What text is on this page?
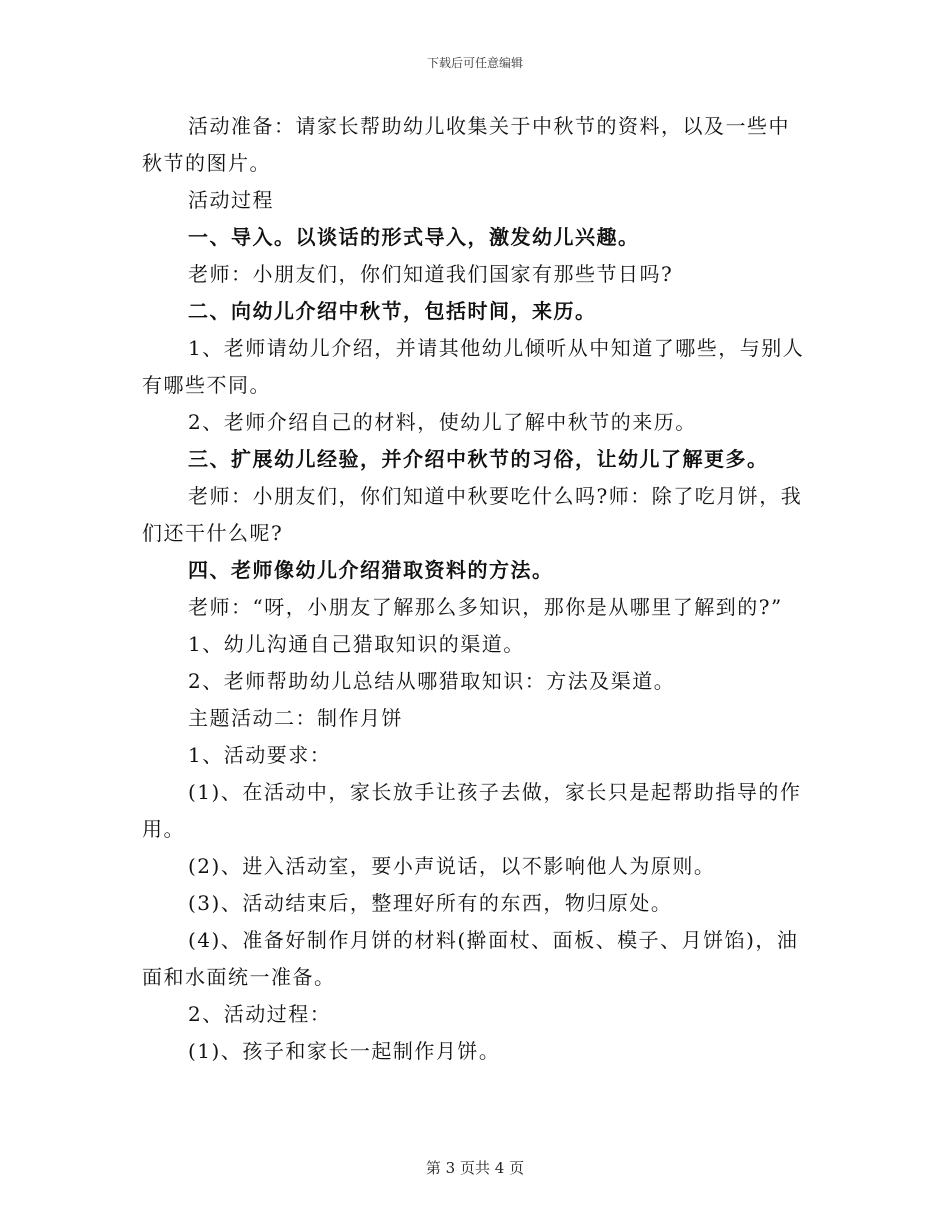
下载后可任意编辑

活动准备：请家长帮助幼儿收集关于中秋节的资料，以及一些中秋节的图片。

活动过程

一、导入。以谈话的形式导入，激发幼儿兴趣。

老师：小朋友们，你们知道我们国家有那些节日吗?

二、向幼儿介绍中秋节，包括时间，来历。

1、老师请幼儿介绍，并请其他幼儿倾听从中知道了哪些，与别人有哪些不同。

2、老师介绍自己的材料，使幼儿了解中秋节的来历。

三、扩展幼儿经验，并介绍中秋节的习俗，让幼儿了解更多。

老师：小朋友们，你们知道中秋要吃什么吗?师：除了吃月饼，我们还干什么呢?

四、老师像幼儿介绍猎取资料的方法。

老师：“呀，小朋友了解那么多知识，那你是从哪里了解到的?”

1、幼儿沟通自己猎取知识的渠道。

2、老师帮助幼儿总结从哪猎取知识：方法及渠道。

主题活动二：制作月饼

1、活动要求：

(1)、在活动中，家长放手让孩子去做，家长只是起帮助指导的作用。

(2)、进入活动室，要小声说话，以不影响他人为原则。

(3)、活动结束后，整理好所有的东西，物归原处。

(4)、准备好制作月饼的材料(擀面杖、面板、模子、月饼馅)，油面和水面统一准备。

2、活动过程：

(1)、孩子和家长一起制作月饼。

第 3 页共 4 页
